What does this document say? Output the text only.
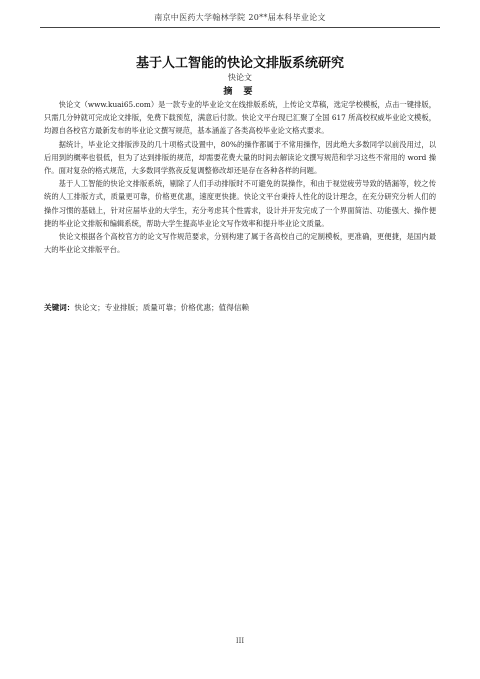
南京中医药大学翰林学院 20**届本科毕业论文
基于人工智能的快论文排版系统研究
快论文
摘 要

快论文（www.kuai65.com）是一款专业的毕业论文在线排版系统，上传论文草稿，选定学校模板，点击一键排版，只需几分钟就可完成论文排版，免费下载预览，满意后付款。快论文平台现已汇聚了全国 617 所高校权威毕业论文模板，均源自各校官方最新发布的毕业论文撰写规范，基本涵盖了各类高校毕业论文格式要求。

据统计，毕业论文排版涉及的几十项格式设置中，80%的操作都属于不常用操作，因此绝大多数同学以前没用过，以后用到的概率也很低，但为了达到排版的规范，却需要花费大量的时间去解读论文撰写规范和学习这些不常用的 word 操作。面对复杂的格式规范，大多数同学熬夜反复调整修改却还是存在各种各样的问题。

基于人工智能的快论文排版系统，剔除了人们手动排版时不可避免的误操作，和由于视觉疲劳导致的错漏等，较之传统的人工排版方式，质量更可靠，价格更优惠，速度更快捷。快论文平台秉持人性化的设计理念，在充分研究分析人们的操作习惯的基础上，针对应届毕业的大学生，充分考虑其个性需求，设计并开发完成了一个界面简洁、功能强大、操作便捷的毕业论文排版和编辑系统，帮助大学生提高毕业论文写作效率和提升毕业论文质量。

快论文根据各个高校官方的论文写作规范要求，分别构建了属于各高校自己的定制模板，更准确，更便捷，是国内最大的毕业论文排版平台。

关键词：快论文；专业排版；质量可靠；价格优惠；值得信赖
III
